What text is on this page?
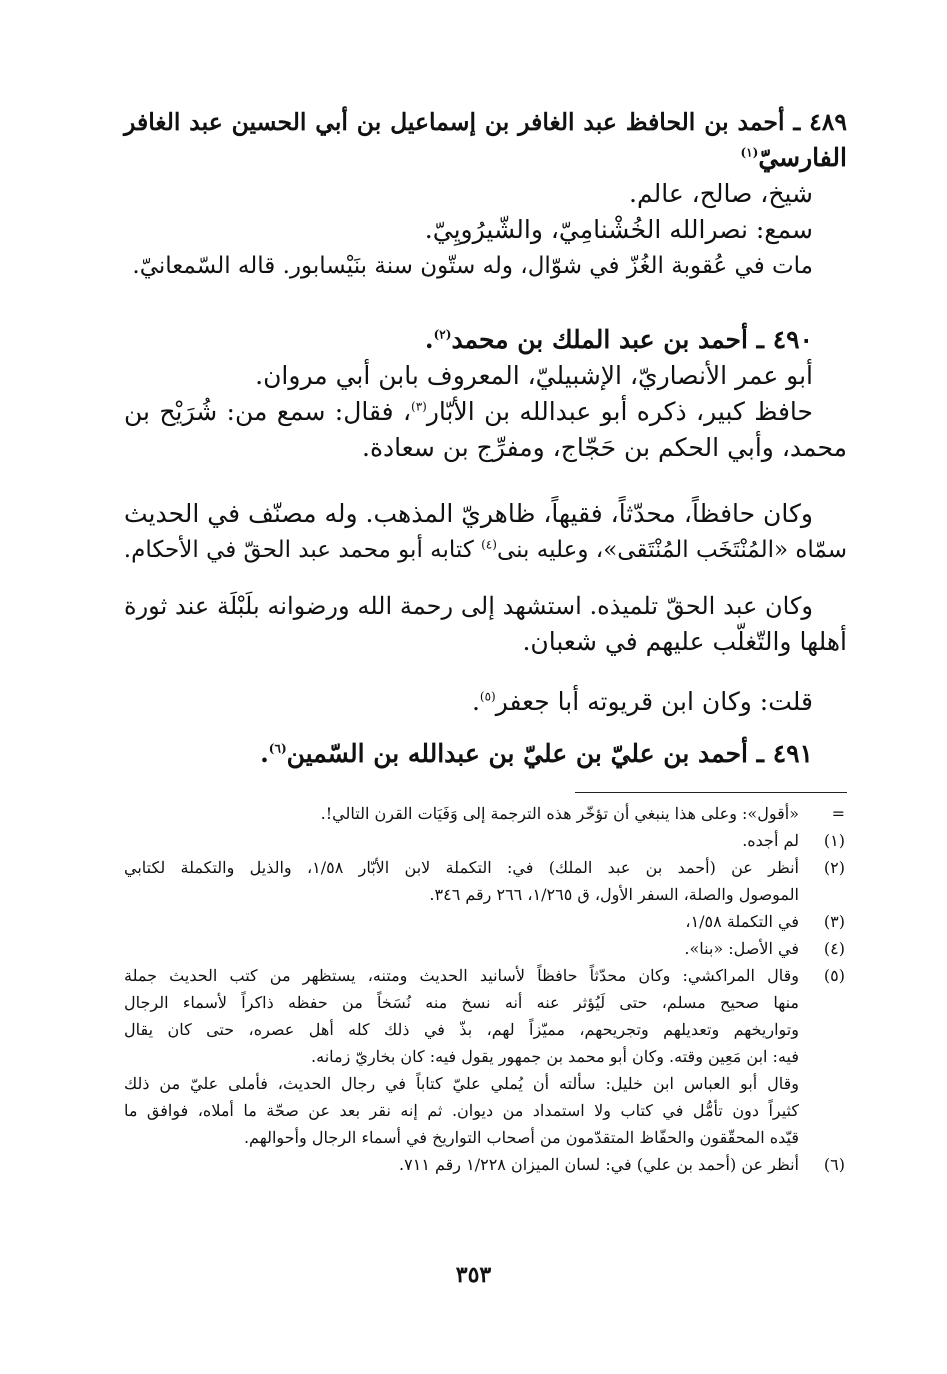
٤٨٩ ـ أحمد بن الحافظ عبد الغافر بن إسماعيل بن أبي الحسين عبد الغافر
الفارسيّ$^{(١)}$
شيخ، صالح، عالم.
سمع: نصرالله الخُشْنامِيّ، والشّيرُويِيّ.
مات في عُقوبة الغُزّ في شوّال، وله ستّون سنة بنَيْسابور. قاله السّمعانيّ.
٤٩٠ ـ أحمد بن عبد الملك بن محمد$^{(٢)}$.
أبو عمر الأنصاريّ، الإشبيليّ، المعروف بابن أبي مروان.
حافظ كبير، ذكره أبو عبدالله بن الأبّار$^{(٣)}$، فقال: سمع من: شُرَيْح بن
محمد، وأبي الحكم بن حَجّاج، ومفرِّج بن سعادة.
وكان حافظاً، محدّثاً، فقيهاً، ظاهريّ المذهب. وله مصنّف في الحديث
سمّاه «المُنْتَخَب المُنْتَقى»، وعليه بنى$^{(٤)}$ كتابه أبو محمد عبد الحقّ في الأحكام.
وكان عبد الحقّ تلميذه. استشهد إلى رحمة الله ورضوانه بلَبْلَة عند ثورة
أهلها والتّغلّب عليهم في شعبان.
قلت: وكان ابن قريوته أبا جعفر$^{(٥)}$.
٤٩١ ـ أحمد بن عليّ بن عليّ بن عبدالله بن السّمين$^{(٦)}$.
=
«أقول»: وعلى هذا ينبغي أن تؤخّر هذه الترجمة إلى وَفَيَات القرن التالي!.
(١)
لم أجده.
(٢)
أنظر عن (أحمد بن عبد الملك) في: التكملة لابن الأبّار ١/٥٨، والذيل والتكملة لكتابي
الموصول والصلة، السفر الأول، ق ١/٢٦٥، ٢٦٦ رقم ٣٤٦.
(٣)
في التكملة ١/٥٨،
(٤)
في الأصل: «بنا».
(٥)
وقال المراكشي: وكان محدّثاً حافظاً لأسانيد الحديث ومتنه، يستظهر من كتب الحديث جملة
منها صحيح مسلم، حتى لَيُؤثر عنه أنه نسخ منه نُسَخاً من حفظه ذاكراً لأسماء الرجال
وتواريخهم وتعديلهم وتجريحهم، مميّزاً لهم، بذّ في ذلك كله أهل عصره، حتى كان يقال
فيه: ابن مَعِين وقته. وكان أبو محمد بن جمهور يقول فيه: كان بخاريّ زمانه.
وقال أبو العباس ابن خليل: سألته أن يُملي عليّ كتاباً في رجال الحديث، فأملى عليّ من ذلك
كثيراً دون تأمُّل في كتاب ولا استمداد من ديوان. ثم إنه نقر بعد عن صحّة ما أملاه، فوافق ما
قيّده المحقّقون والحفّاظ المتقدّمون من أصحاب التواريخ في أسماء الرجال وأحوالهم.
(٦)
أنظر عن (أحمد بن علي) في: لسان الميزان ١/٢٢٨ رقم ٧١١.
٣٥٣
